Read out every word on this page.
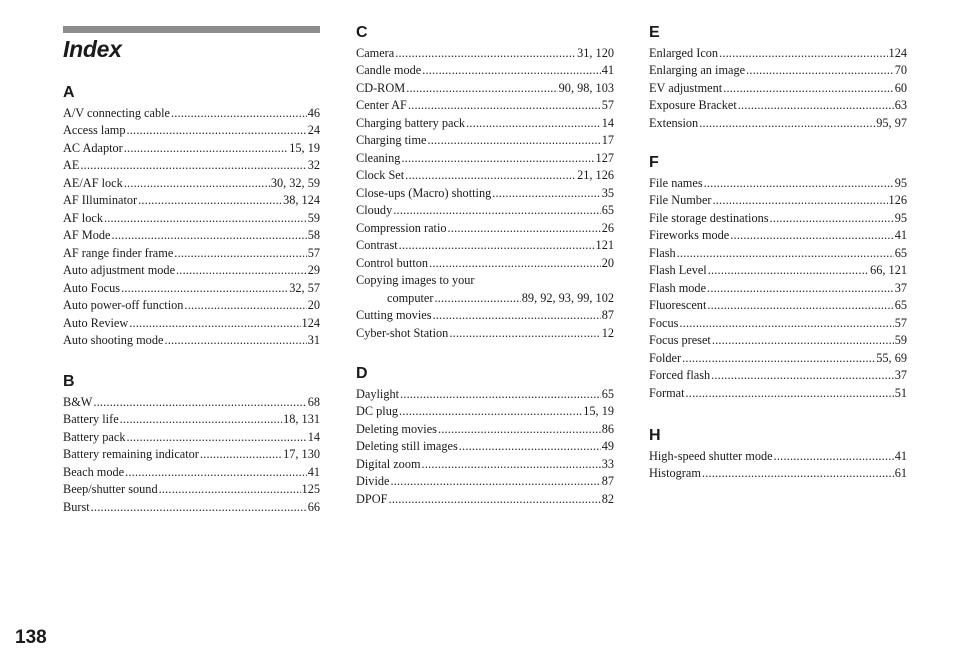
Index
A
A/V connecting cable .....	46
Access lamp .....	24
AC Adaptor .....	15, 19
AE .....	32
AE/AF lock .....	30, 32, 59
AF Illuminator .....	38, 124
AF lock .....	59
AF Mode .....	58
AF range finder frame .....	57
Auto adjustment mode .....	29
Auto Focus .....	32, 57
Auto power-off function .....	20
Auto Review .....	124
Auto shooting mode .....	31
B
B&W .....	68
Battery life .....	18, 131
Battery pack .....	14
Battery remaining indicator .....	17, 130
Beach mode .....	41
Beep/shutter sound .....	125
Burst .....	66
C
Camera .....	31, 120
Candle mode .....	41
CD-ROM .....	90, 98, 103
Center AF .....	57
Charging battery pack .....	14
Charging time .....	17
Cleaning .....	127
Clock Set .....	21, 126
Close-ups (Macro) shotting .....	35
Cloudy .....	65
Compression ratio .....	26
Contrast .....	121
Control button .....	20
Copying images to your
computer .....	89, 92, 93, 99, 102
Cutting movies .....	87
Cyber-shot Station .....	12
D
Daylight .....	65
DC plug .....	15, 19
Deleting movies .....	86
Deleting still images .....	49
Digital zoom .....	33
Divide .....	87
DPOF .....	82
E
Enlarged Icon .....	124
Enlarging an image .....	70
EV adjustment .....	60
Exposure Bracket .....	63
Extension .....	95, 97
F
File names .....	95
File Number .....	126
File storage destinations .....	95
Fireworks mode .....	41
Flash .....	65
Flash Level .....	66, 121
Flash mode .....	37
Fluorescent .....	65
Focus .....	57
Focus preset .....	59
Folder .....	55, 69
Forced flash .....	37
Format .....	51
H
High-speed shutter mode .....	41
Histogram .....	61
138
